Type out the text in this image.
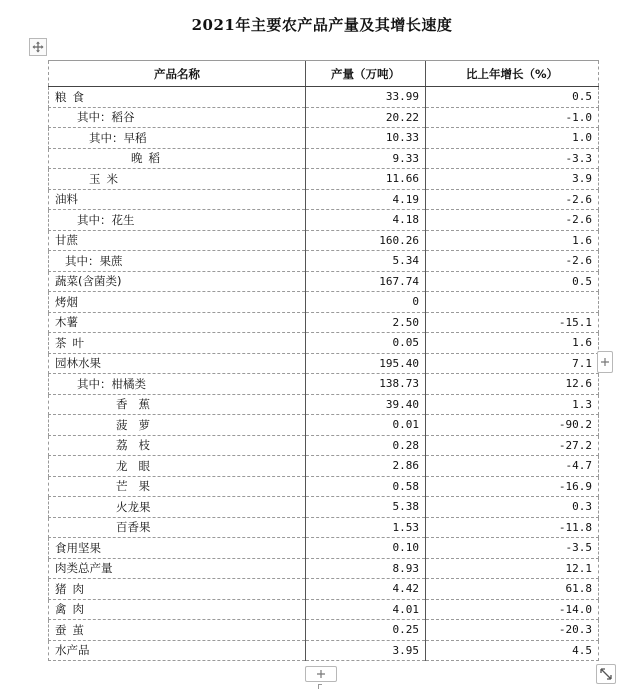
2021年主要农产品产量及其增长速度
产品名称	产量（万吨）	比上年增长（%）
粮食	33.99	0.5
其中：稻谷	20.22	-1.0
其中：早稻	10.33	1.0
晚稻	9.33	-3.3
玉米	11.66	3.9
油料	4.19	-2.6
其中：花生	4.18	-2.6
甘蔗	160.26	1.6
其中：果蔗	5.34	-2.6
蔬菜(含菌类)	167.74	0.5
烤烟	0	
木薯	2.50	-15.1
茶叶	0.05	1.6
园林水果	195.40	7.1
其中：柑橘类	138.73	12.6
香蕉	39.40	1.3
菠萝	0.01	-90.2
荔枝	0.28	-27.2
龙眼	2.86	-4.7
芒果	0.58	-16.9
火龙果	5.38	0.3
百香果	1.53	-11.8
食用坚果	0.10	-3.5
肉类总产量	8.93	12.1
猪肉	4.42	61.8
禽肉	4.01	-14.0
蚕茧	0.25	-20.3
水产品	3.95	4.5
